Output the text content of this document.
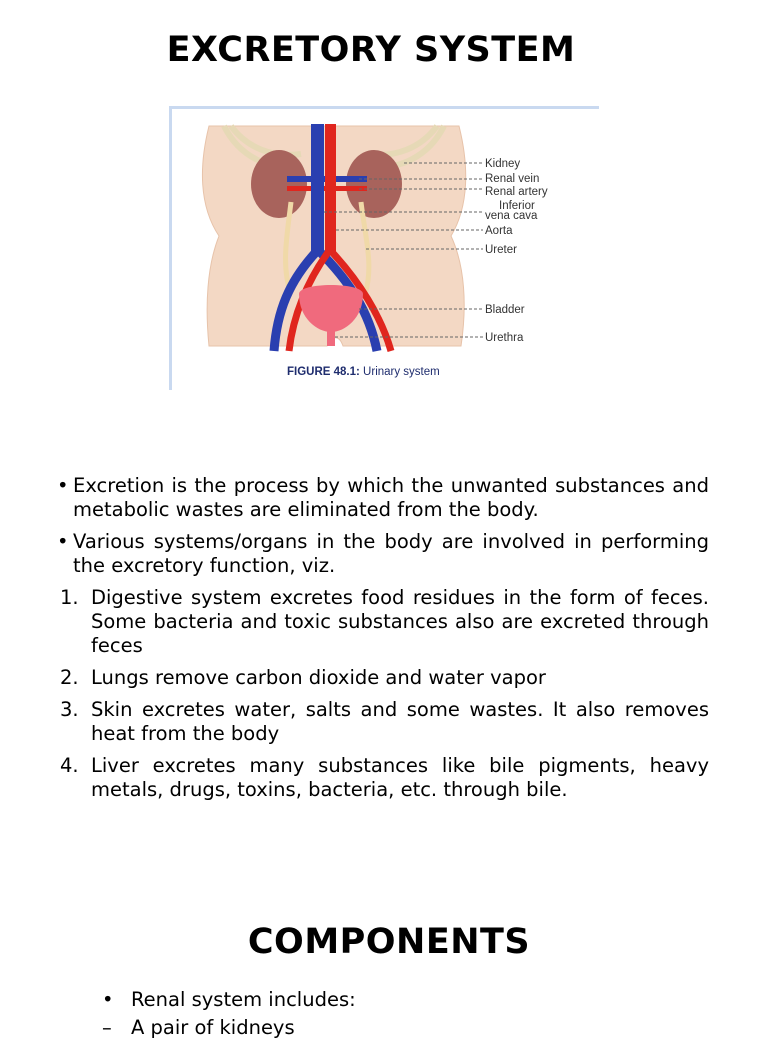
EXCRETORY SYSTEM
Kidney
Renal vein
Renal artery
Inferior
vena cava
Aorta
Ureter
Bladder
Urethra
FIGURE 48.1: Urinary system
• Excretion is the process by which the unwanted substances and metabolic wastes are eliminated from the body.
• Various systems/organs in the body are involved in performing the excretory function, viz.
1. Digestive system excretes food residues in the form of feces. Some bacteria and toxic substances also are excreted through feces
2. Lungs remove carbon dioxide and water vapor
3. Skin excretes water, salts and some wastes. It also removes heat from the body
4. Liver excretes many substances like bile pigments, heavy metals, drugs, toxins, bacteria, etc. through bile.
COMPONENTS
• Renal system includes:
– A pair of kidneys
